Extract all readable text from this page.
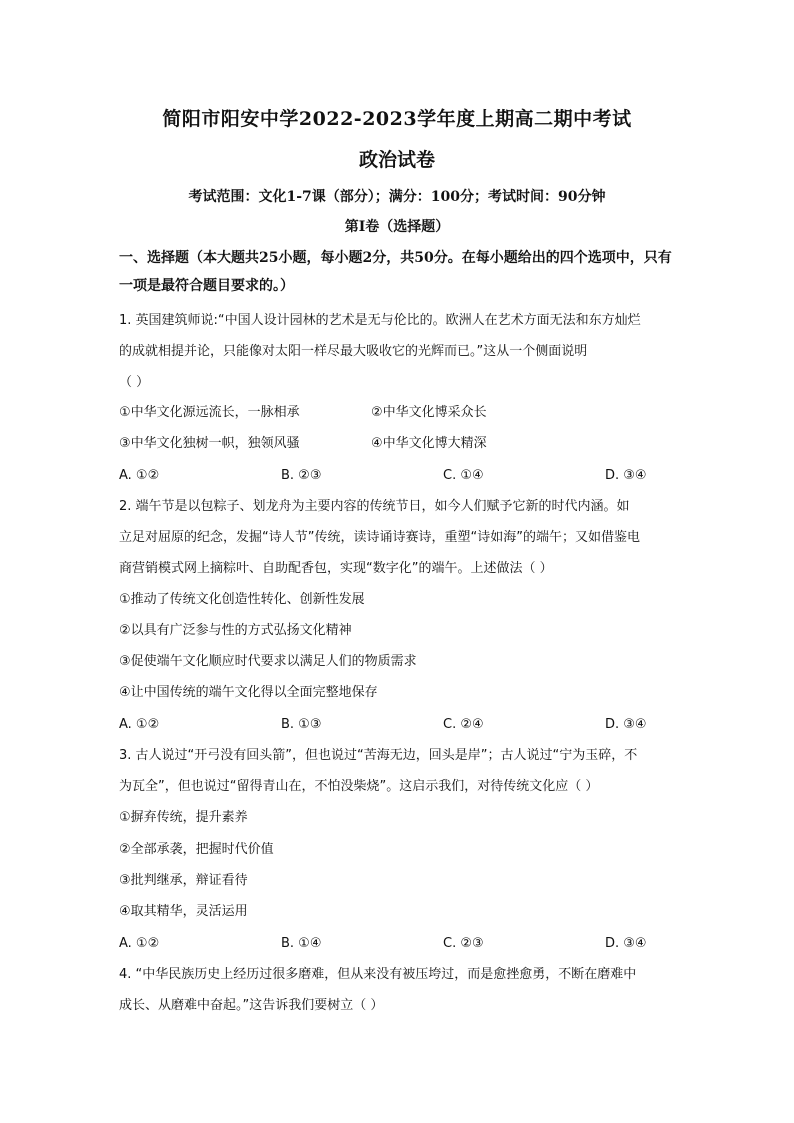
简阳市阳安中学2022-2023学年度上期高二期中考试
政治试卷
考试范围：文化1-7课（部分）；满分：100分；考试时间：90分钟
第I卷（选择题）
一、选择题（本大题共25小题，每小题2分，共50分。在每小题给出的四个选项中，只有一项是最符合题目要求的。）
1. 英国建筑师说:“中国人设计园林的艺术是无与伦比的。欧洲人在艺术方面无法和东方灿烂
的成就相提并论，只能像对太阳一样尽最大吸收它的光辉而已。”这从一个侧面说明
（ ）
①中华文化源远流长，一脉相承	②中华文化博采众长
③中华文化独树一帜，独领风骚	④中华文化博大精深
A. ①②	B. ②③	C. ①④	D. ③④
2. 端午节是以包粽子、划龙舟为主要内容的传统节日，如今人们赋予它新的时代内涵。如
立足对屈原的纪念，发掘“诗人节”传统，读诗诵诗赛诗，重塑“诗如海”的端午；又如借鉴电
商营销模式网上摘粽叶、自助配香包，实现“数字化”的端午。上述做法（ ）
①推动了传统文化创造性转化、创新性发展
②以具有广泛参与性的方式弘扬文化精神
③促使端午文化顺应时代要求以满足人们的物质需求
④让中国传统的端午文化得以全面完整地保存
A. ①②	B. ①③	C. ②④	D. ③④
3. 古人说过“开弓没有回头箭”，但也说过“苦海无边，回头是岸”；古人说过“宁为玉碎，不
为瓦全”，但也说过“留得青山在，不怕没柴烧”。这启示我们，对待传统文化应（ ）
①摒弃传统，提升素养
②全部承袭，把握时代价值
③批判继承，辩证看待
④取其精华，灵活运用
A. ①②	B. ①④	C. ②③	D. ③④
4. “中华民族历史上经历过很多磨难，但从来没有被压垮过，而是愈挫愈勇，不断在磨难中
成长、从磨难中奋起。”这告诉我们要树立（ ）
